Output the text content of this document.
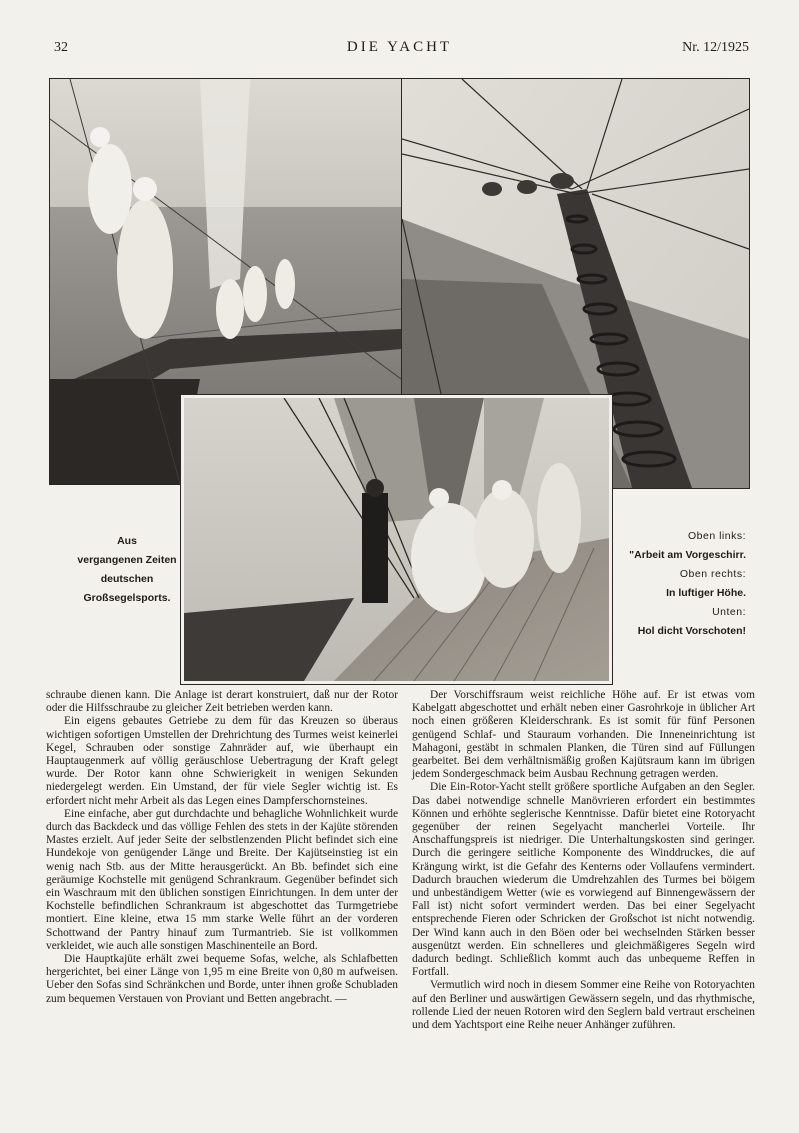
32	DIE YACHT	Nr. 12/1925
Aus
vergangenen Zeiten
deutschen
Großsegelsports.
Oben links:
"Arbeit am Vorgeschirr.
Oben rechts:
In luftiger Höhe.
Unten:
Hol dicht Vorschoten!

schraube dienen kann. Die Anlage ist derart konstruiert, daß nur der Rotor oder die Hilfsschraube zu gleicher Zeit betrieben werden kann.

Ein eigens gebautes Getriebe zu dem für das Kreuzen so überaus wichtigen sofortigen Umstellen der Drehrichtung des Turmes weist keinerlei Kegel, Schrauben oder sonstige Zahnräder auf, wie überhaupt ein Hauptaugenmerk auf völlig geräuschlose Uebertragung der Kraft gelegt wurde. Der Rotor kann ohne Schwierigkeit in wenigen Sekunden niedergelegt werden. Ein Umstand, der für viele Segler wichtig ist. Es erfordert nicht mehr Arbeit als das Legen eines Dampferschornsteines.

Eine einfache, aber gut durchdachte und behagliche Wohnlichkeit wurde durch das Backdeck und das völlige Fehlen des stets in der Kajüte störenden Mastes erzielt. Auf jeder Seite der selbstlenzenden Plicht befindet sich eine Hundekoje von genügender Länge und Breite. Der Kajütseinstieg ist ein wenig nach Stb. aus der Mitte herausgerückt. An Bb. befindet sich eine geräumige Kochstelle mit genügend Schrankraum. Gegenüber befindet sich ein Waschraum mit den üblichen sonstigen Einrichtungen. In dem unter der Kochstelle befindlichen Schrankraum ist abgeschottet das Turmgetriebe montiert. Eine kleine, etwa 15 mm starke Welle führt an der vorderen Schottwand der Pantry hinauf zum Turmantrieb. Sie ist vollkommen verkleidet, wie auch alle sonstigen Maschinenteile an Bord.

Die Hauptkajüte erhält zwei bequeme Sofas, welche, als Schlafbetten hergerichtet, bei einer Länge von 1,95 m eine Breite von 0,80 m aufweisen. Ueber den Sofas sind Schränkchen und Borde, unter ihnen große Schubladen zum bequemen Verstauen von Proviant und Betten angebracht. —

Der Vorschiffsraum weist reichliche Höhe auf. Er ist etwas vom Kabelgatt abgeschottet und erhält neben einer Gasrohrkoje in üblicher Art noch einen größeren Kleiderschrank. Es ist somit für fünf Personen genügend Schlaf- und Stauraum vorhanden. Die Inneneinrichtung ist Mahagoni, gestäbt in schmalen Planken, die Türen sind auf Füllungen gearbeitet. Bei dem verhältnismäßig großen Kajütsraum kann im übrigen jedem Sondergeschmack beim Ausbau Rechnung getragen werden.

Die Ein-Rotor-Yacht stellt größere sportliche Aufgaben an den Segler. Das dabei notwendige schnelle Manövrieren erfordert ein bestimmtes Können und erhöhte seglerische Kenntnisse. Dafür bietet eine Rotoryacht gegenüber der reinen Segelyacht mancherlei Vorteile. Ihr Anschaffungspreis ist niedriger. Die Unterhaltungskosten sind geringer. Durch die geringere seitliche Komponente des Winddruckes, die auf Krängung wirkt, ist die Gefahr des Kenterns oder Vollaufens vermindert. Dadurch brauchen wiederum die Umdrehzahlen des Turmes bei böigem und unbeständigem Wetter (wie es vorwiegend auf Binnengewässern der Fall ist) nicht sofort vermindert werden. Das bei einer Segelyacht entsprechende Fieren oder Schricken der Großschot ist nicht notwendig. Der Wind kann auch in den Böen oder bei wechselnden Stärken besser ausgenützt werden. Ein schnelleres und gleichmäßigeres Segeln wird dadurch bedingt. Schließlich kommt auch das unbequeme Reffen in Fortfall.

Vermutlich wird noch in diesem Sommer eine Reihe von Rotoryachten auf den Berliner und auswärtigen Gewässern segeln, und das rhythmische, rollende Lied der neuen Rotoren wird den Seglern bald vertraut erscheinen und dem Yachtsport eine Reihe neuer Anhänger zuführen.
